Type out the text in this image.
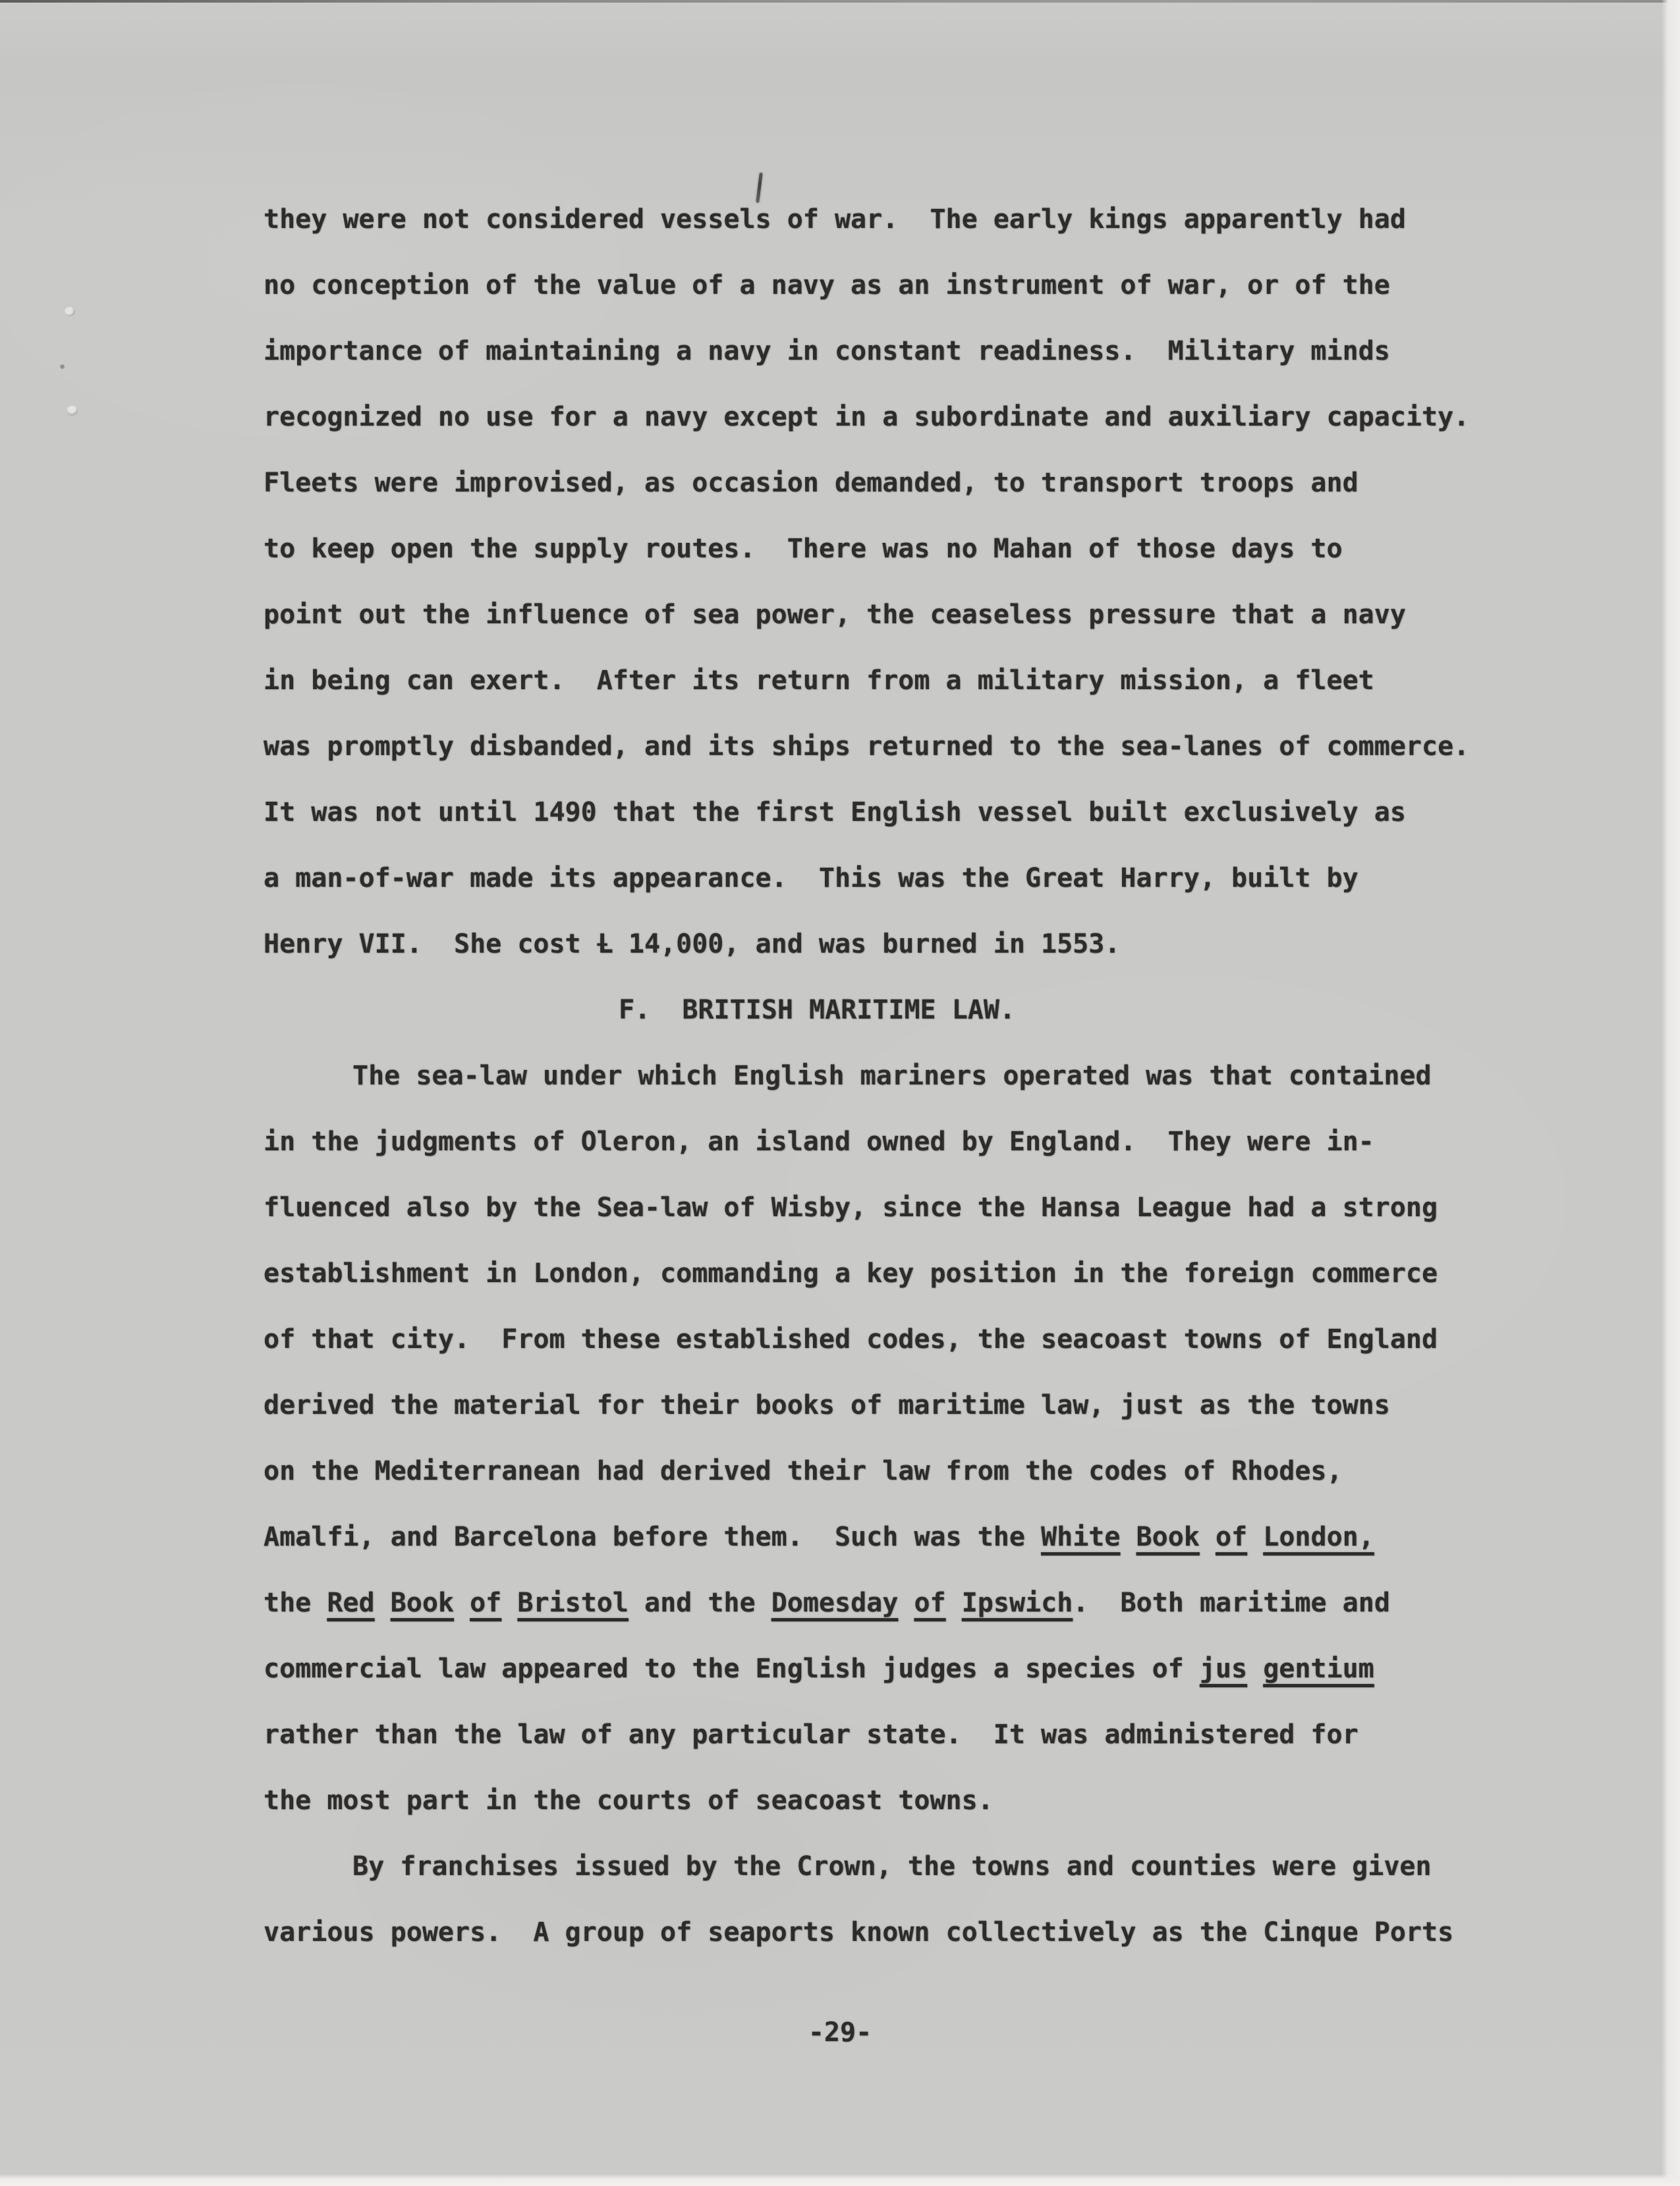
they were not considered vessels of war.  The early kings apparently had
no conception of the value of a navy as an instrument of war, or of the
importance of maintaining a navy in constant readiness.  Military minds
recognized no use for a navy except in a subordinate and auxiliary capacity.
Fleets were improvised, as occasion demanded, to transport troops and
to keep open the supply routes.  There was no Mahan of those days to
point out the influence of sea power, the ceaseless pressure that a navy
in being can exert.  After its return from a military mission, a fleet
was promptly disbanded, and its ships returned to the sea-lanes of commerce.
It was not until 1490 that the first English vessel built exclusively as
a man-of-war made its appearance.  This was the Great Harry, built by
Henry VII.  She cost Ƚ 14,000, and was burned in 1553.
F.  BRITISH MARITIME LAW.
The sea-law under which English mariners operated was that contained
in the judgments of Oleron, an island owned by England.  They were in-
fluenced also by the Sea-law of Wisby, since the Hansa League had a strong
establishment in London, commanding a key position in the foreign commerce
of that city.  From these established codes, the seacoast towns of England
derived the material for their books of maritime law, just as the towns
on the Mediterranean had derived their law from the codes of Rhodes,
Amalfi, and Barcelona before them.  Such was the White Book of London,
the Red Book of Bristol and the Domesday of Ipswich.  Both maritime and
commercial law appeared to the English judges a species of jus gentium
rather than the law of any particular state.  It was administered for
the most part in the courts of seacoast towns.
By franchises issued by the Crown, the towns and counties were given
various powers.  A group of seaports known collectively as the Cinque Ports
-29-
